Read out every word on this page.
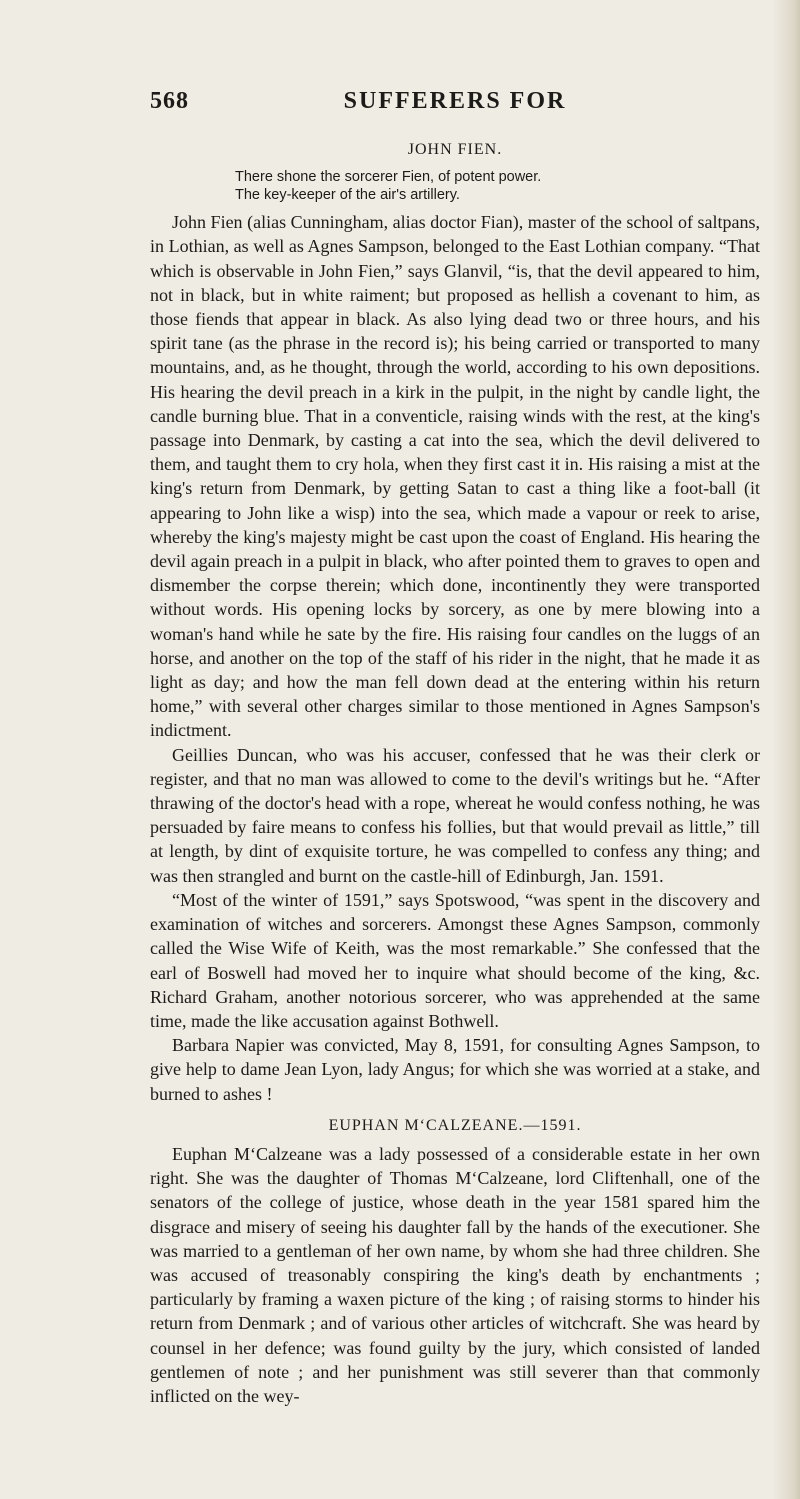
568	SUFFERERS FOR
JOHN FIEN.
There shone the sorcerer Fien, of potent power.
The key-keeper of the air's artillery.

John Fien (alias Cunningham, alias doctor Fian), master of the school of saltpans, in Lothian, as well as Agnes Sampson, belonged to the East Lothian company. “That which is observable in John Fien,” says Glanvil, “is, that the devil appeared to him, not in black, but in white raiment; but proposed as hellish a covenant to him, as those fiends that appear in black. As also lying dead two or three hours, and his spirit tane (as the phrase in the record is); his being carried or transported to many mountains, and, as he thought, through the world, according to his own depositions. His hearing the devil preach in a kirk in the pulpit, in the night by candle light, the candle burning blue. That in a conventicle, raising winds with the rest, at the king's passage into Denmark, by casting a cat into the sea, which the devil delivered to them, and taught them to cry hola, when they first cast it in. His raising a mist at the king's return from Denmark, by getting Satan to cast a thing like a foot-ball (it appearing to John like a wisp) into the sea, which made a vapour or reek to arise, whereby the king's majesty might be cast upon the coast of England. His hearing the devil again preach in a pulpit in black, who after pointed them to graves to open and dismember the corpse therein; which done, incontinently they were transported without words. His opening locks by sorcery, as one by mere blowing into a woman's hand while he sate by the fire. His raising four candles on the luggs of an horse, and another on the top of the staff of his rider in the night, that he made it as light as day; and how the man fell down dead at the entering within his return home,” with several other charges similar to those mentioned in Agnes Sampson's indictment.

Geillies Duncan, who was his accuser, confessed that he was their clerk or register, and that no man was allowed to come to the devil's writings but he. “After thrawing of the doctor's head with a rope, whereat he would confess nothing, he was persuaded by faire means to confess his follies, but that would prevail as little,” till at length, by dint of exquisite torture, he was compelled to confess any thing; and was then strangled and burnt on the castle-hill of Edinburgh, Jan. 1591.

“Most of the winter of 1591,” says Spotswood, “was spent in the discovery and examination of witches and sorcerers. Amongst these Agnes Sampson, commonly called the Wise Wife of Keith, was the most remarkable.” She confessed that the earl of Boswell had moved her to inquire what should become of the king, &c. Richard Graham, another notorious sorcerer, who was apprehended at the same time, made the like accusation against Bothwell.

Barbara Napier was convicted, May 8, 1591, for consulting Agnes Sampson, to give help to dame Jean Lyon, lady Angus; for which she was worried at a stake, and burned to ashes !

EUPHAN M‘CALZEANE.—1591.

Euphan M‘Calzeane was a lady possessed of a considerable estate in her own right. She was the daughter of Thomas M‘Calzeane, lord Cliftenhall, one of the senators of the college of justice, whose death in the year 1581 spared him the disgrace and misery of seeing his daughter fall by the hands of the executioner. She was married to a gentleman of her own name, by whom she had three children. She was accused of treasonably conspiring the king's death by enchantments ; particularly by framing a waxen picture of the king ; of raising storms to hinder his return from Denmark ; and of various other articles of witchcraft. She was heard by counsel in her defence; was found guilty by the jury, which consisted of landed gentlemen of note ; and her punishment was still severer than that commonly inflicted on the wey-
